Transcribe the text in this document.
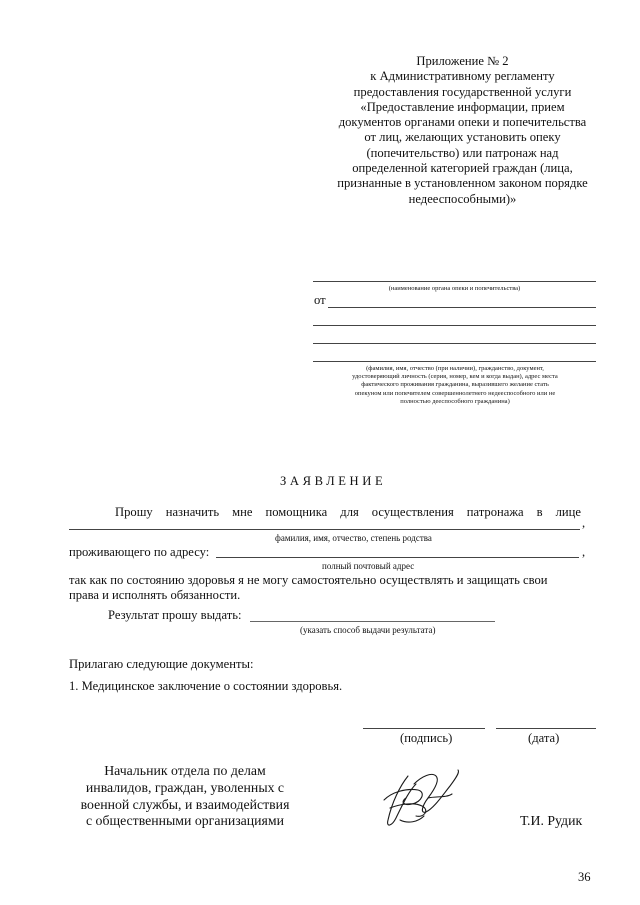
Приложение № 2
к Административному регламенту
предоставления государственной услуги
«Предоставление информации, прием
документов органами опеки и попечительства
от лиц, желающих установить опеку
(попечительство) или патронаж над
определенной категорией граждан (лица,
признанные в установленном законом порядке
недееспособными)»
(наименование органа опеки и попечительства)
от
(фамилия, имя, отчество (при наличии), гражданство, документ,
удостоверяющий личность (серия, номер, кем и когда выдан), адрес места
фактического проживания гражданина, выразившего желание стать
опекуном или попечителем совершеннолетнего недееспособного или не
полностью дееспособного гражданина)
ЗАЯВЛЕНИЕ
Прошу назначить мне помощника для осуществления патронажа в лице
,
фамилия, имя, отчество, степень родства
проживающего по адресу:	,
полный почтовый адрес
так как по состоянию здоровья я не могу самостоятельно осуществлять и защищать свои
права и исполнять обязанности.
Результат прошу выдать:
(указать способ выдачи результата)
Прилагаю следующие документы:
1. Медицинское заключение о состоянии здоровья.
(подпись)	(дата)
Начальник отдела по делам
инвалидов, граждан, уволенных с
военной службы, и взаимодействия
с общественными организациями	Т.И. Рудик
36
